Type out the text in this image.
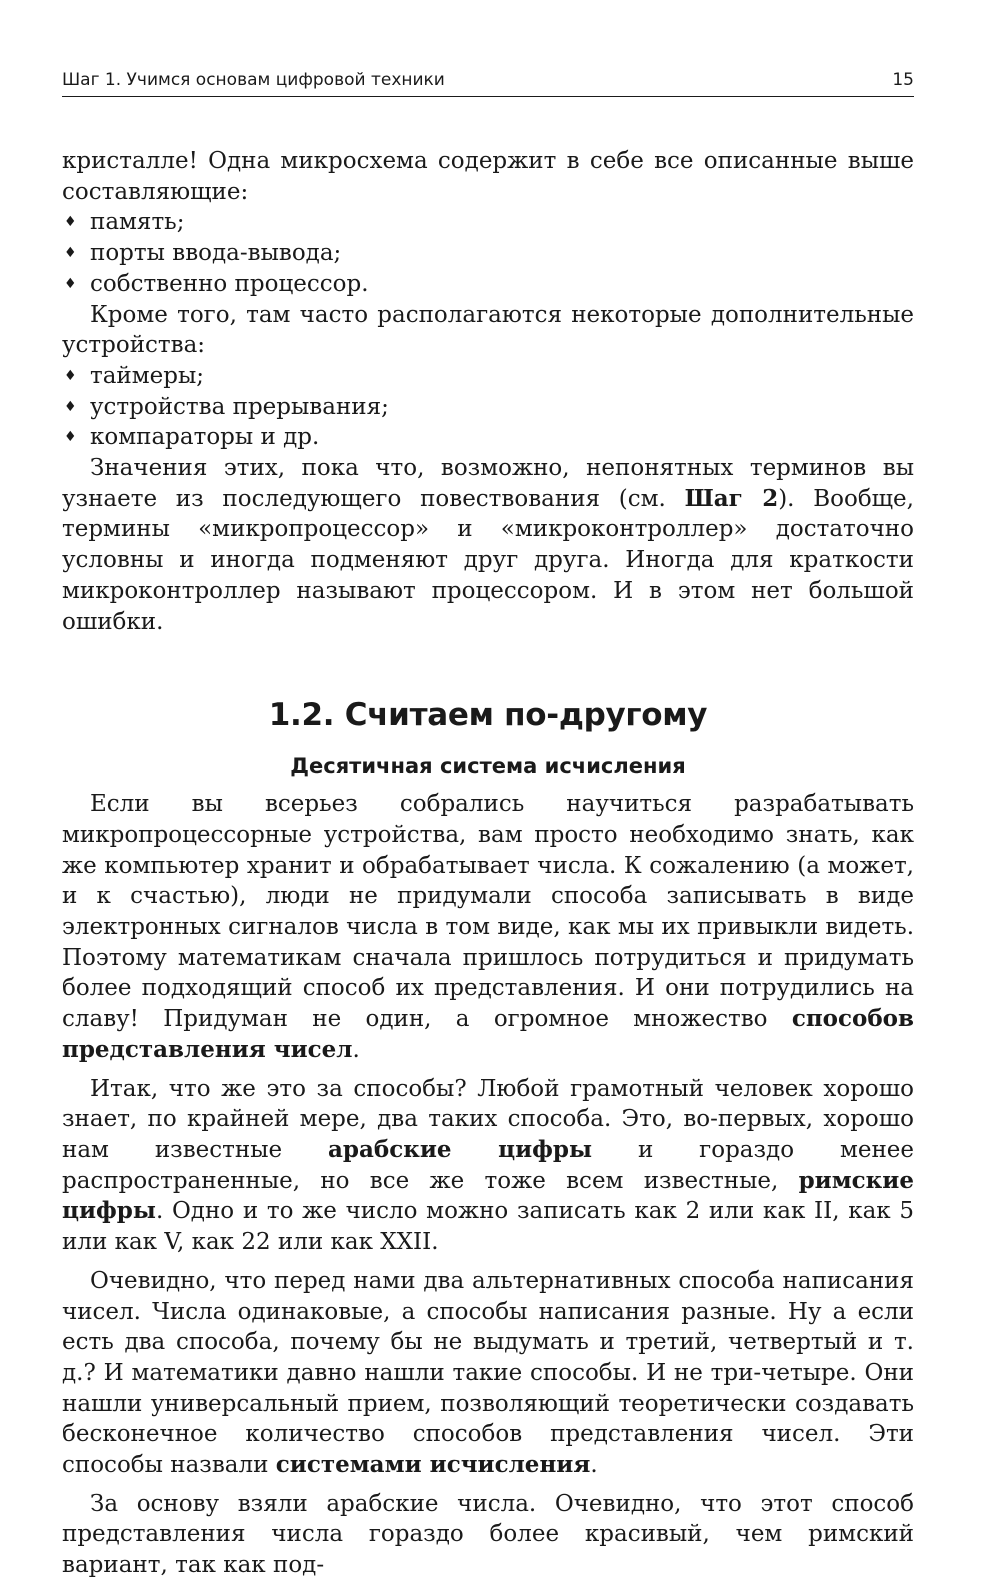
Шаг 1. Учимся основам цифровой техники	15

кристалле! Одна микросхема содержит в себе все описанные выше составляющие:

♦ память;
♦ порты ввода-вывода;
♦ собственно процессор.

Кроме того, там часто располагаются некоторые дополнительные устройства:

♦ таймеры;
♦ устройства прерывания;
♦ компараторы и др.

Значения этих, пока что, возможно, непонятных терминов вы узнаете из последующего повествования (см. Шаг 2). Вообще, термины «микропроцессор» и «микроконтроллер» достаточно условны и иногда подменяют друг друга. Иногда для краткости микроконтроллер называют процессором. И в этом нет большой ошибки.

1.2. Считаем по-другому
Десятичная система исчисления

Если вы всерьез собрались научиться разрабатывать микропроцессорные устройства, вам просто необходимо знать, как же компьютер хранит и обрабатывает числа. К сожалению (а может, и к счастью), люди не придумали способа записывать в виде электронных сигналов числа в том виде, как мы их привыкли видеть. Поэтому математикам сначала пришлось потрудиться и придумать более подходящий способ их представления. И они потрудились на славу! Придуман не один, а огромное множество способов представления чисел.

Итак, что же это за способы? Любой грамотный человек хорошо знает, по крайней мере, два таких способа. Это, во-первых, хорошо нам известные арабские цифры и гораздо менее распространенные, но все же тоже всем известные, римские цифры. Одно и то же число можно записать как 2 или как II, как 5 или как V, как 22 или как XXII.

Очевидно, что перед нами два альтернативных способа написания чисел. Числа одинаковые, а способы написания разные. Ну а если есть два способа, почему бы не выдумать и третий, четвертый и т. д.? И математики давно нашли такие способы. И не три-четыре. Они нашли универсальный прием, позволяющий теоретически создавать бесконечное количество способов представления чисел. Эти способы назвали системами исчисления.

За основу взяли арабские числа. Очевидно, что этот способ представления числа гораздо более красивый, чем римский вариант, так как под-
